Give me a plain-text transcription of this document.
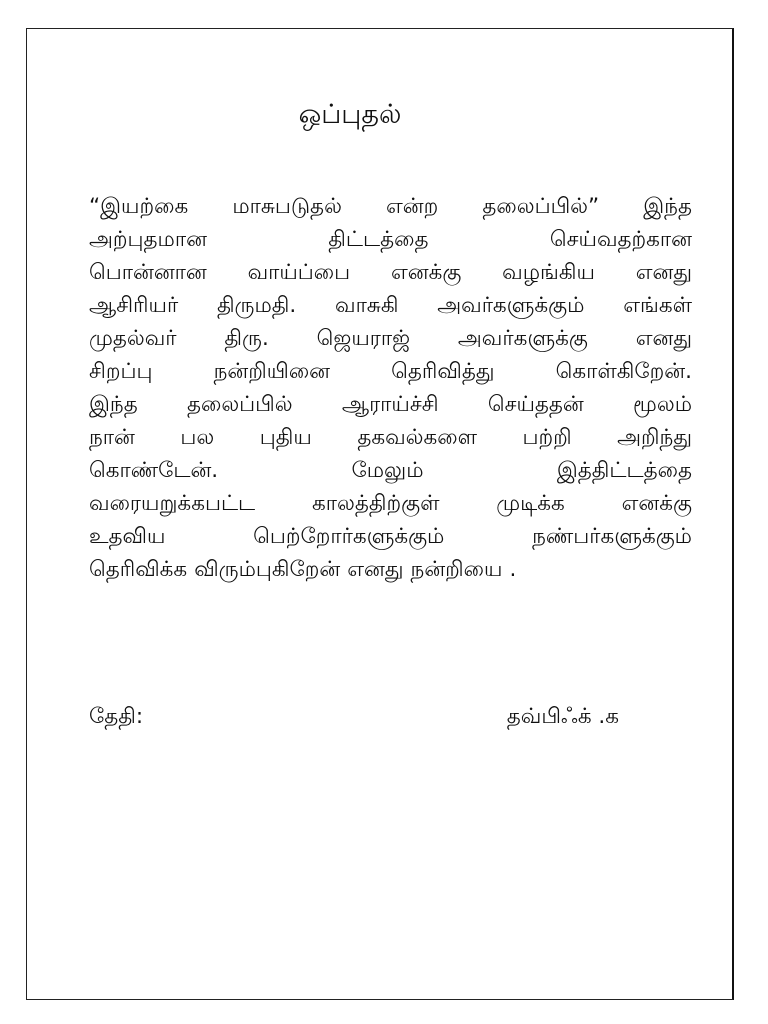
ஒப்புதல்
“இயற்கை மாசுபடுதல் என்ற தலைப்பில்” இந்த
அற்புதமான	திட்டத்தை	செய்வதற்கான
பொன்னான வாய்ப்பை எனக்கு வழங்கிய எனது
ஆசிரியர் திருமதி. வாசுகி அவர்களுக்கும் எங்கள்
முதல்வர் திரு. ஜெயராஜ் அவர்களுக்கு எனது
சிறப்பு	நன்றியினை	தெரிவித்து	கொள்கிறேன்.
இந்த தலைப்பில் ஆராய்ச்சி செய்ததன் மூலம்
நான் பல புதிய தகவல்களை பற்றி அறிந்து
கொண்டேன்.	மேலும்	இத்திட்டத்தை
வரையறுக்கபட்ட	காலத்திற்குள்	முடிக்க	எனக்கு
உதவிய	பெற்றோர்களுக்கும்	நண்பர்களுக்கும்
தெரிவிக்க விரும்புகிறேன் எனது நன்றியை .
தேதி:	தவ்பிஃக் .க
